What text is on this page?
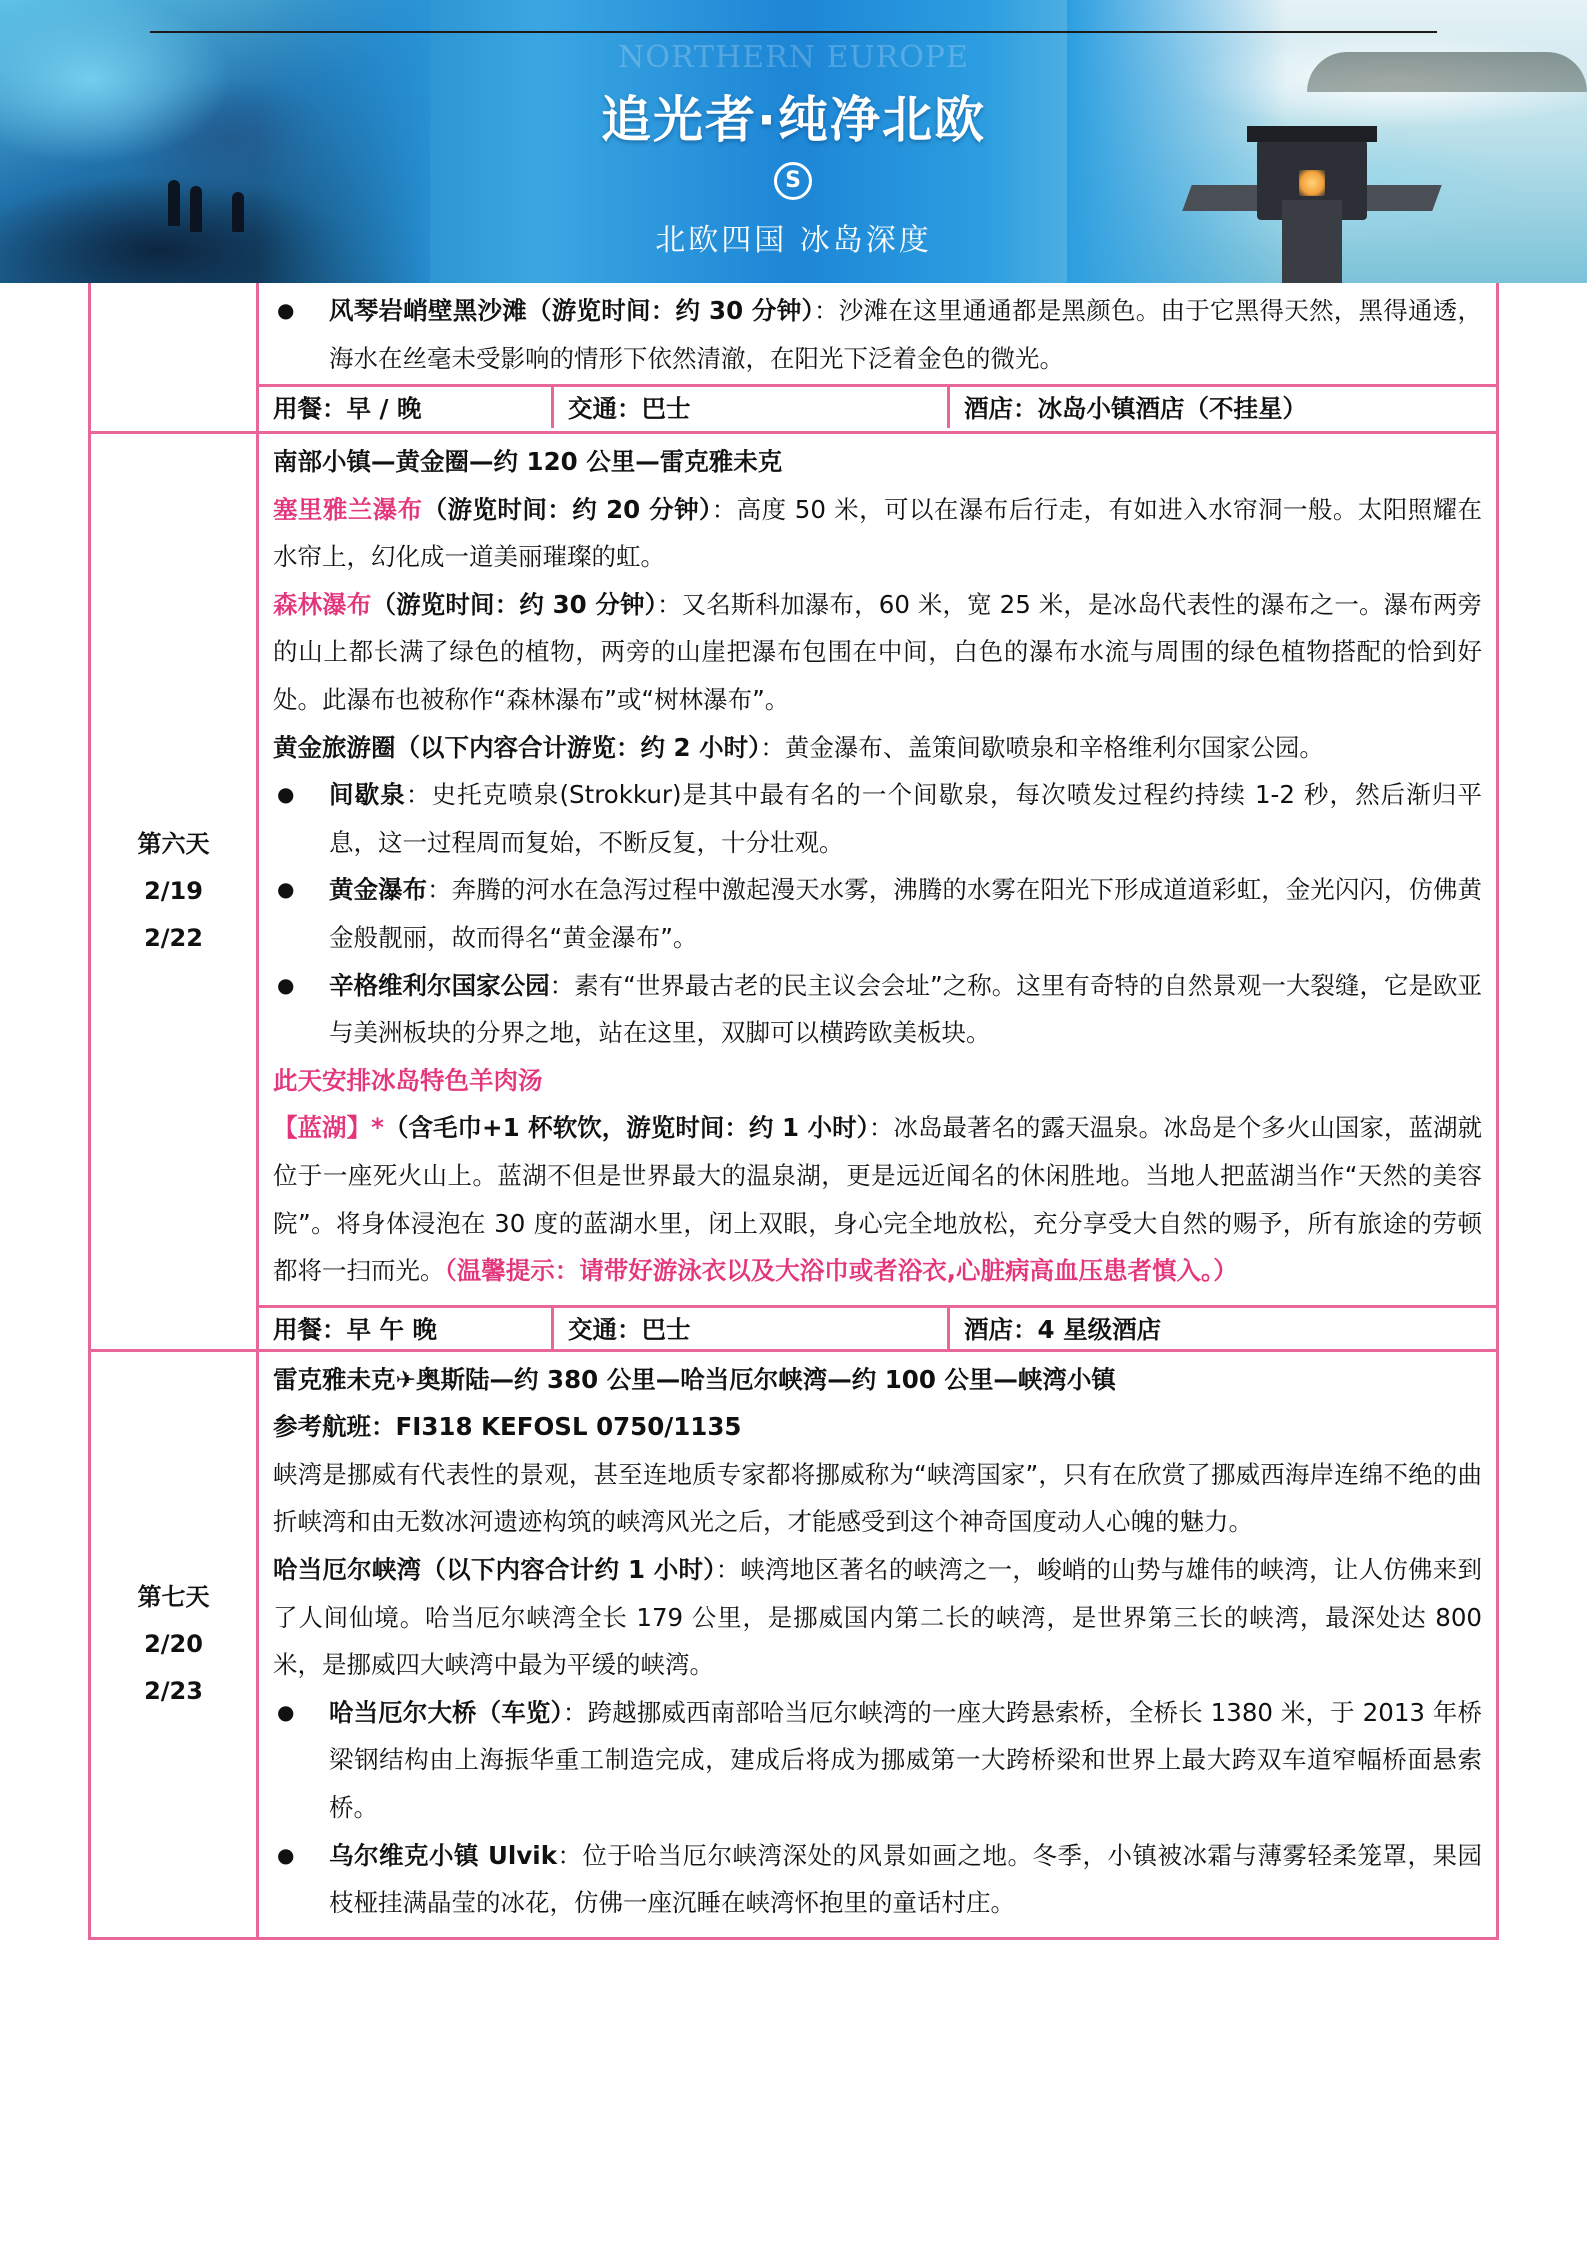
NORTHERN EUROPE
追光者·纯净北欧
S
北欧四国 冰岛深度

● 风琴岩峭壁黑沙滩（游览时间：约 30 分钟）：沙滩在这里通通都是黑颜色。由于它黑得天然，黑得通透，海水在丝毫未受影响的情形下依然清澈，在阳光下泛着金色的微光。

用餐：早 / 晚	交通：巴士	酒店：冰岛小镇酒店（不挂星）
第六天
2/19
2/22

南部小镇—黄金圈—约 120 公里—雷克雅未克

塞里雅兰瀑布（游览时间：约 20 分钟）：高度 50 米，可以在瀑布后行走，有如进入水帘洞一般。太阳照耀在水帘上，幻化成一道美丽璀璨的虹。

森林瀑布（游览时间：约 30 分钟）：又名斯科加瀑布，60 米，宽 25 米，是冰岛代表性的瀑布之一。瀑布两旁的山上都长满了绿色的植物，两旁的山崖把瀑布包围在中间，白色的瀑布水流与周围的绿色植物搭配的恰到好处。此瀑布也被称作“森林瀑布”或“树林瀑布”。

黄金旅游圈（以下内容合计游览：约 2 小时）：黄金瀑布、盖策间歇喷泉和辛格维利尔国家公园。

● 间歇泉：史托克喷泉(Strokkur)是其中最有名的一个间歇泉，每次喷发过程约持续 1-2 秒，然后渐归平息，这一过程周而复始，不断反复，十分壮观。

● 黄金瀑布：奔腾的河水在急泻过程中激起漫天水雾，沸腾的水雾在阳光下形成道道彩虹，金光闪闪，仿佛黄金般靓丽，故而得名“黄金瀑布”。

● 辛格维利尔国家公园：素有“世界最古老的民主议会会址”之称。这里有奇特的自然景观一大裂缝，它是欧亚与美洲板块的分界之地，站在这里，双脚可以横跨欧美板块。

此天安排冰岛特色羊肉汤

【蓝湖】*（含毛巾+1 杯软饮，游览时间：约 1 小时）：冰岛最著名的露天温泉。冰岛是个多火山国家，蓝湖就位于一座死火山上。蓝湖不但是世界最大的温泉湖，更是远近闻名的休闲胜地。当地人把蓝湖当作“天然的美容院”。将身体浸泡在 30 度的蓝湖水里，闭上双眼，身心完全地放松，充分享受大自然的赐予，所有旅途的劳顿都将一扫而光。（温馨提示：请带好游泳衣以及大浴巾或者浴衣,心脏病高血压患者慎入。）

用餐：早 午 晚	交通：巴士	酒店：4 星级酒店
第七天
2/20
2/23

雷克雅未克✈奥斯陆—约 380 公里—哈当厄尔峡湾—约 100 公里—峡湾小镇

参考航班：FI318 KEFOSL 0750/1135

峡湾是挪威有代表性的景观，甚至连地质专家都将挪威称为“峡湾国家”，只有在欣赏了挪威西海岸连绵不绝的曲折峡湾和由无数冰河遗迹构筑的峡湾风光之后，才能感受到这个神奇国度动人心魄的魅力。

哈当厄尔峡湾（以下内容合计约 1 小时）：峡湾地区著名的峡湾之一，峻峭的山势与雄伟的峡湾，让人仿佛来到了人间仙境。哈当厄尔峡湾全长 179 公里，是挪威国内第二长的峡湾，是世界第三长的峡湾，最深处达 800 米，是挪威四大峡湾中最为平缓的峡湾。

● 哈当厄尔大桥（车览）：跨越挪威西南部哈当厄尔峡湾的一座大跨悬索桥，全桥长 1380 米，于 2013 年桥梁钢结构由上海振华重工制造完成，建成后将成为挪威第一大跨桥梁和世界上最大跨双车道窄幅桥面悬索桥。

● 乌尔维克小镇 Ulvik：位于哈当厄尔峡湾深处的风景如画之地。冬季，小镇被冰霜与薄雾轻柔笼罩，果园枝桠挂满晶莹的冰花，仿佛一座沉睡在峡湾怀抱里的童话村庄。
